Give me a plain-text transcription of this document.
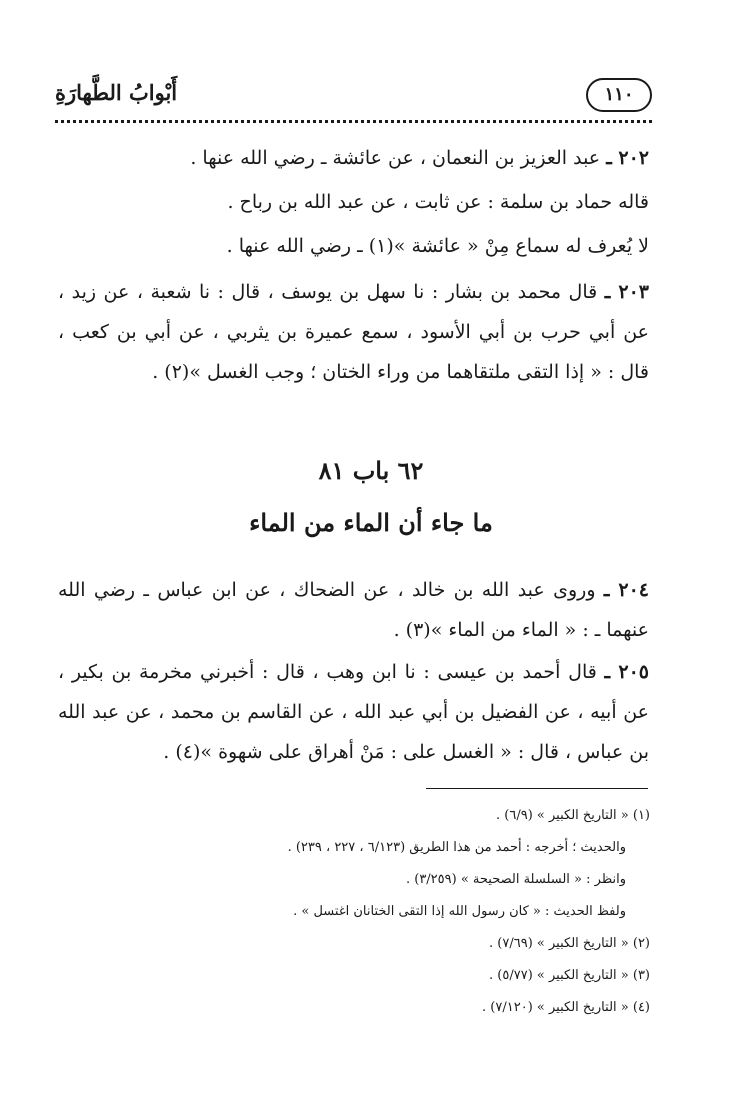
١١٠
أَبْوابُ الطَّهارَةِ
٢٠٢ ـ عبد العزيز بن النعمان ، عن عائشة ـ رضي الله عنها .
قاله حماد بن سلمة : عن ثابت ، عن عبد الله بن رباح .
لا يُعرف له سماع مِنْ « عائشة »(١) ـ رضي الله عنها .
٢٠٣ ـ قال محمد بن بشار : نا سهل بن يوسف ، قال : نا شعبة ، عن زيد ، عن أبي حرب بن أبي الأسود ، سمع عميرة بن يثربي ، عن أبي بن كعب ، قال : « إذا التقى ملتقاهما من وراء الختان ؛ وجب الغسل »(٢) .
٦٢ باب ٨١
ما جاء أن الماء من الماء
٢٠٤ ـ وروى عبد الله بن خالد ، عن الضحاك ، عن ابن عباس ـ رضي الله عنهما ـ : « الماء من الماء »(٣) .
٢٠٥ ـ قال أحمد بن عيسى : نا ابن وهب ، قال : أخبرني مخرمة بن بكير ، عن أبيه ، عن الفضيل بن أبي عبد الله ، عن القاسم بن محمد ، عن عبد الله بن عباس ، قال : « الغسل على : مَنْ أهراق على شهوة »(٤) .
(١) « التاريخ الكبير » (٦/٩) .
والحديث ؛ أخرجه : أحمد من هذا الطريق (٦/١٢٣ ، ٢٢٧ ، ٢٣٩) .
وانظر : « السلسلة الصحيحة » (٣/٢٥٩) .
ولفظ الحديث : « كان رسول الله إذا التقى الختانان اغتسل » .
(٢) « التاريخ الكبير » (٧/٦٩) .
(٣) « التاريخ الكبير » (٥/٧٧) .
(٤) « التاريخ الكبير » (٧/١٢٠) .
